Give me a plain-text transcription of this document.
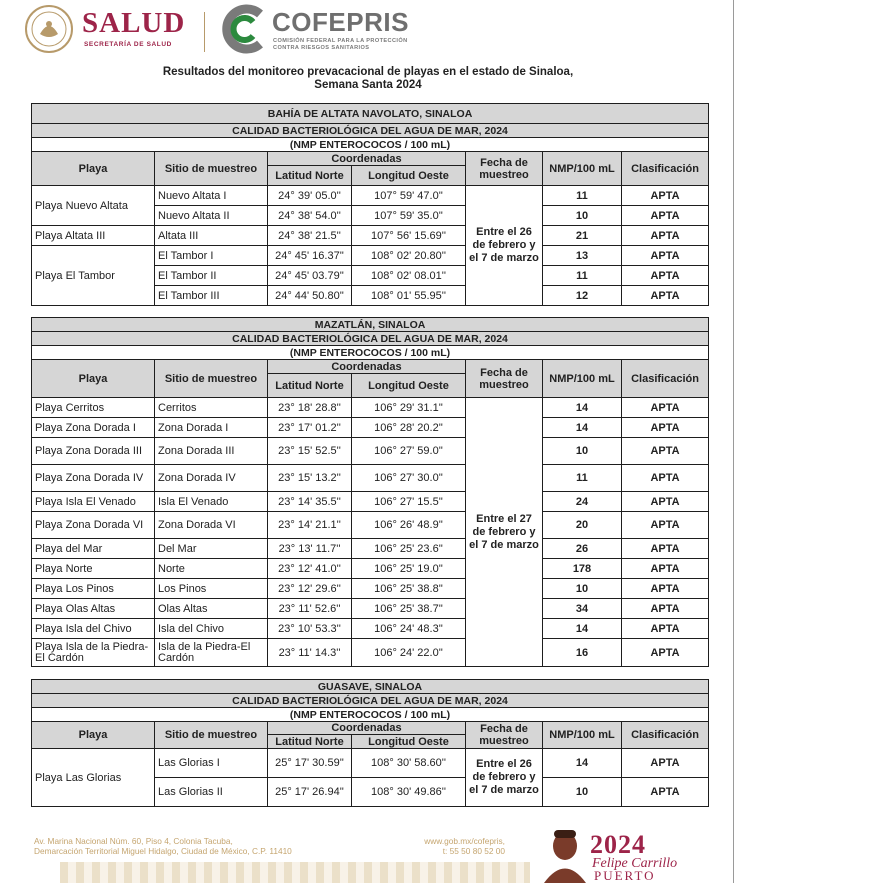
SALUD
SECRETARÍA DE SALUD
COFEPRIS
COMISIÓN FEDERAL PARA LA PROTECCIÓN
CONTRA RIESGOS SANITARIOS
Resultados del monitoreo prevacacional de playas en el estado de Sinaloa,
Semana Santa 2024
BAHÍA DE ALTATA NAVOLATO, SINALOA						
CALIDAD BACTERIOLÓGICA DEL AGUA DE MAR, 2024						
(NMP ENTEROCOCOS / 100 mL)						
Playa	Sitio de muestreo	Coordenadas		Fecha de muestreo	NMP/100 mL	Clasificación
		Latitud Norte	Longitud Oeste			
Playa Nuevo Altata	Nuevo Altata I	24° 39' 05.0''	107° 59' 47.0''	Entre el 26 de febrero y el 7 de marzo	11	APTA
	Nuevo Altata II	24° 38' 54.0''	107° 59' 35.0''		10	APTA
Playa Altata III	Altata III	24° 38' 21.5''	107° 56' 15.69''		21	APTA
Playa El Tambor	El Tambor I	24° 45' 16.37''	108° 02' 20.80''		13	APTA
	El Tambor II	24° 45' 03.79''	108° 02' 08.01''		11	APTA
	El Tambor III	24° 44' 50.80''	108° 01' 55.95''		12	APTA
MAZATLÁN, SINALOA						
CALIDAD BACTERIOLÓGICA DEL AGUA DE MAR, 2024						
(NMP ENTEROCOCOS / 100 mL)						
Playa	Sitio de muestreo	Coordenadas		Fecha de muestreo	NMP/100 mL	Clasificación
		Latitud Norte	Longitud Oeste			
Playa Cerritos	Cerritos	23° 18' 28.8''	106° 29' 31.1''	Entre el 27 de febrero y el 7 de marzo	14	APTA
Playa Zona Dorada I	Zona Dorada I	23° 17' 01.2''	106° 28' 20.2''		14	APTA
Playa Zona Dorada III	Zona Dorada III	23° 15' 52.5''	106° 27' 59.0''		10	APTA
Playa Zona Dorada IV	Zona Dorada IV	23° 15' 13.2''	106° 27' 30.0''		11	APTA
Playa Isla El Venado	Isla El Venado	23° 14' 35.5''	106° 27' 15.5''		24	APTA
Playa Zona Dorada VI	Zona Dorada VI	23° 14' 21.1''	106° 26' 48.9''		20	APTA
Playa del Mar	Del Mar	23° 13' 11.7''	106° 25' 23.6''		26	APTA
Playa Norte	Norte	23° 12' 41.0''	106° 25' 19.0''		178	APTA
Playa Los Pinos	Los Pinos	23° 12' 29.6''	106° 25' 38.8''		10	APTA
Playa Olas Altas	Olas Altas	23° 11' 52.6''	106° 25' 38.7''		34	APTA
Playa Isla del Chivo	Isla del Chivo	23° 10' 53.3''	106° 24' 48.3''		14	APTA
Playa Isla de la Piedra-El Cardón	Isla de la Piedra-El Cardón	23° 11' 14.3''	106° 24' 22.0''		16	APTA
GUASAVE, SINALOA						
CALIDAD BACTERIOLÓGICA DEL AGUA DE MAR, 2024						
(NMP ENTEROCOCOS / 100 mL)						
Playa	Sitio de muestreo	Coordenadas		Fecha de muestreo	NMP/100 mL	Clasificación
		Latitud Norte	Longitud Oeste			
Playa Las Glorias	Las Glorias I	25° 17' 30.59''	108° 30' 58.60''	Entre el 26 de febrero y el 7 de marzo	14	APTA
	Las Glorias II	25° 17' 26.94''	108° 30' 49.86''		10	APTA
Av. Marina Nacional Núm. 60, Piso 4, Colonia Tacuba,
Demarcación Territorial Miguel Hidalgo, Ciudad de México, C.P. 11410
www.gob.mx/cofepris,
t: 55 50 80 52 00	2024
Felipe Carrillo
PUERTO
